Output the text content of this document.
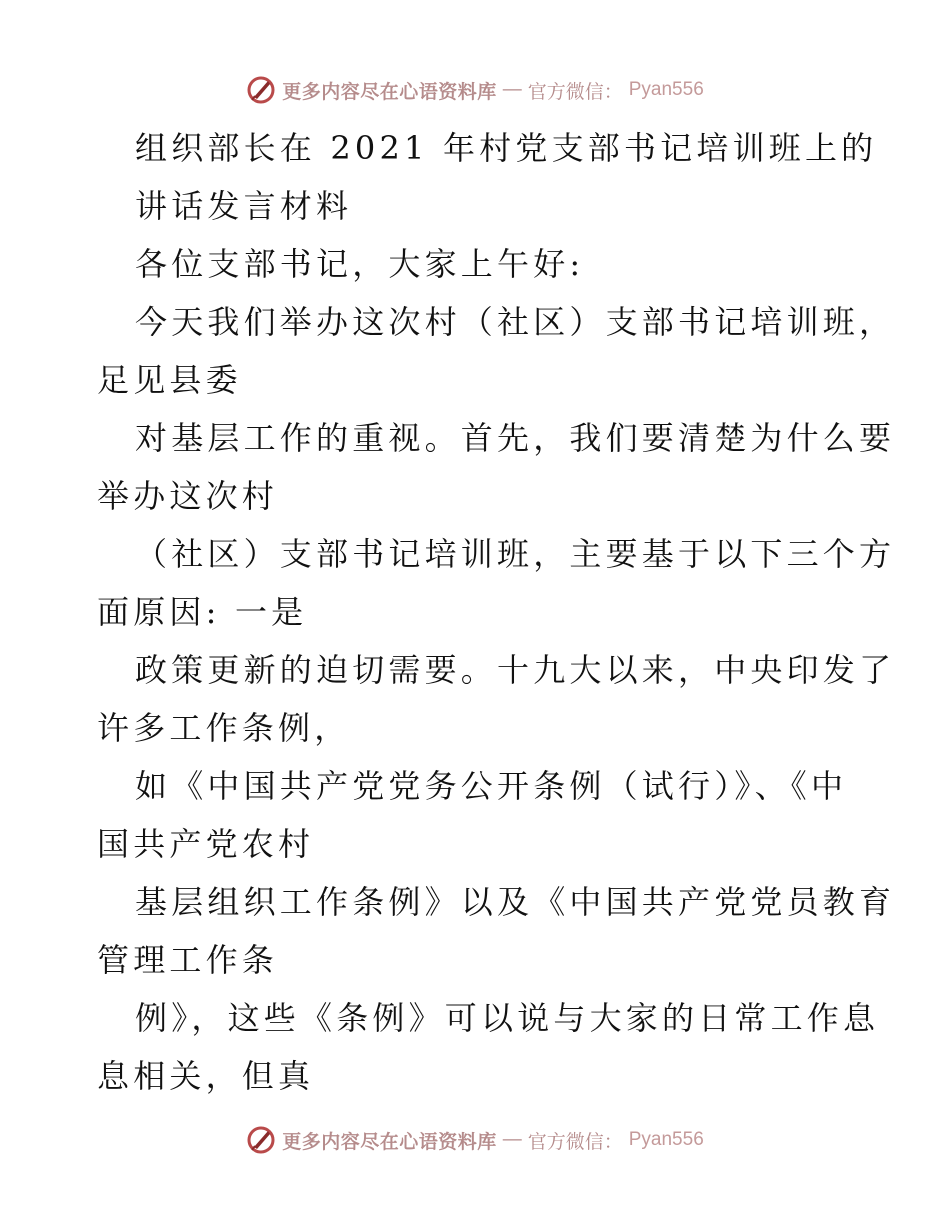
更多内容尽在心语资料库 — 官方微信： Pyan556
组织部长在 2021 年村党支部书记培训班上的
讲话发言材料
各位支部书记，大家上午好:
今天我们举办这次村（社区）支部书记培训班，
足见县委
对基层工作的重视。首先，我们要清楚为什么要
举办这次村
（社区）支部书记培训班，主要基于以下三个方
面原因: 一是
政策更新的迫切需要。十九大以来，中央印发了
许多工作条例，
如《中国共产党党务公开条例（试行）》、《中
国共产党农村
基层组织工作条例》以及《中国共产党党员教育
管理工作条
例》，这些《条例》可以说与大家的日常工作息
息相关，但真
更多内容尽在心语资料库 — 官方微信： Pyan556
